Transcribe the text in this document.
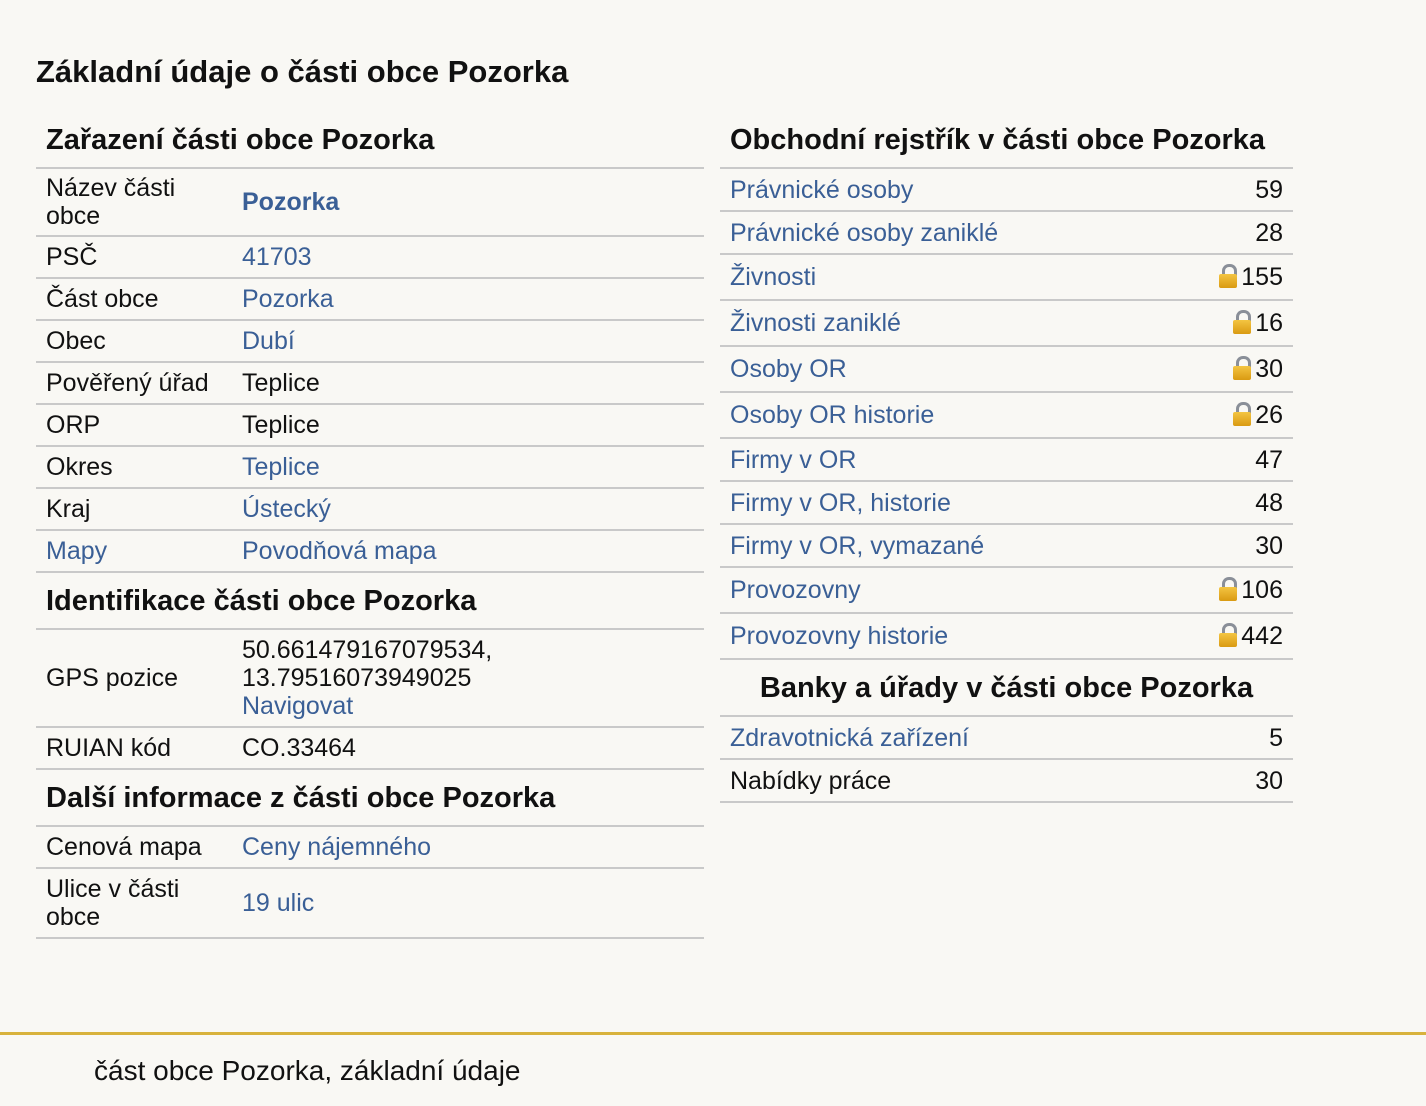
Základní údaje o části obce Pozorka
Zařazení části obce Pozorka
Název části obce	Pozorka
PSČ	41703
Část obce	Pozorka
Obec	Dubí
Pověřený úřad	Teplice
ORP	Teplice
Okres	Teplice
Kraj	Ústecký
Mapy	Povodňová mapa
Identifikace části obce Pozorka
GPS pozice	50.661479167079534,
13.79516073949025
Navigovat
RUIAN kód	CO.33464
Další informace z části obce Pozorka
Cenová mapa	Ceny nájemného
Ulice v části obce	19 ulic
Obchodní rejstřík v části obce Pozorka
Právnické osoby	59
Právnické osoby zaniklé	28
Živnosti	155
Živnosti zaniklé	16
Osoby OR	30
Osoby OR historie	26
Firmy v OR	47
Firmy v OR, historie	48
Firmy v OR, vymazané	30
Provozovny	106
Provozovny historie	442
Banky a úřady v části obce Pozorka
Zdravotnická zařízení	5
Nabídky práce	30
část obce Pozorka, základní údaje
